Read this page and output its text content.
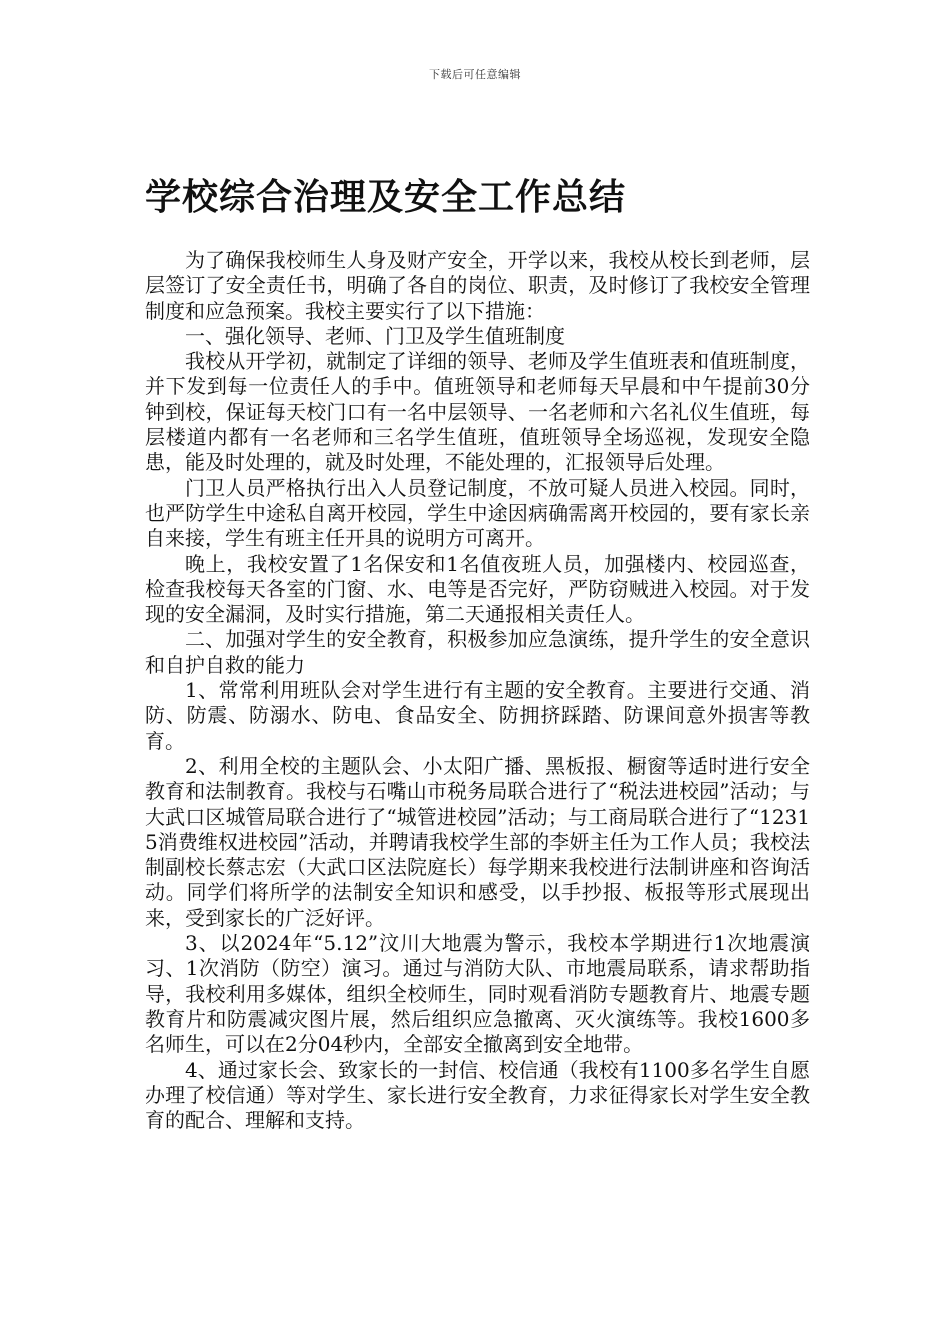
下载后可任意编辑
学校综合治理及安全工作总结

为了确保我校师生人身及财产安全，开学以来，我校从校长到老师，层层签订了安全责任书，明确了各自的岗位、职责，及时修订了我校安全管理制度和应急预案。我校主要实行了以下措施：

一、强化领导、老师、门卫及学生值班制度

我校从开学初，就制定了详细的领导、老师及学生值班表和值班制度，并下发到每一位责任人的手中。值班领导和老师每天早晨和中午提前30分钟到校，保证每天校门口有一名中层领导、一名老师和六名礼仪生值班，每层楼道内都有一名老师和三名学生值班，值班领导全场巡视，发现安全隐患，能及时处理的，就及时处理，不能处理的，汇报领导后处理。

门卫人员严格执行出入人员登记制度，不放可疑人员进入校园。同时，也严防学生中途私自离开校园，学生中途因病确需离开校园的，要有家长亲自来接，学生有班主任开具的说明方可离开。

晚上，我校安置了1名保安和1名值夜班人员，加强楼内、校园巡查，检查我校每天各室的门窗、水、电等是否完好，严防窃贼进入校园。对于发现的安全漏洞，及时实行措施，第二天通报相关责任人。

二、加强对学生的安全教育，积极参加应急演练，提升学生的安全意识和自护自救的能力

1、常常利用班队会对学生进行有主题的安全教育。主要进行交通、消防、防震、防溺水、防电、食品安全、防拥挤踩踏、防课间意外损害等教育。

2、利用全校的主题队会、小太阳广播、黑板报、橱窗等适时进行安全教育和法制教育。我校与石嘴山市税务局联合进行了“税法进校园”活动；与大武口区城管局联合进行了“城管进校园”活动；与工商局联合进行了“12315消费维权进校园”活动，并聘请我校学生部的李妍主任为工作人员；我校法制副校长蔡志宏（大武口区法院庭长）每学期来我校进行法制讲座和咨询活动。同学们将所学的法制安全知识和感受，以手抄报、板报等形式展现出来，受到家长的广泛好评。

3、以2024年“5.12”汶川大地震为警示，我校本学期进行1次地震演习、1次消防（防空）演习。通过与消防大队、市地震局联系，请求帮助指导，我校利用多媒体，组织全校师生，同时观看消防专题教育片、地震专题教育片和防震减灾图片展，然后组织应急撤离、灭火演练等。我校1600多名师生，可以在2分04秒内，全部安全撤离到安全地带。

4、通过家长会、致家长的一封信、校信通（我校有1100多名学生自愿办理了校信通）等对学生、家长进行安全教育，力求征得家长对学生安全教育的配合、理解和支持。
